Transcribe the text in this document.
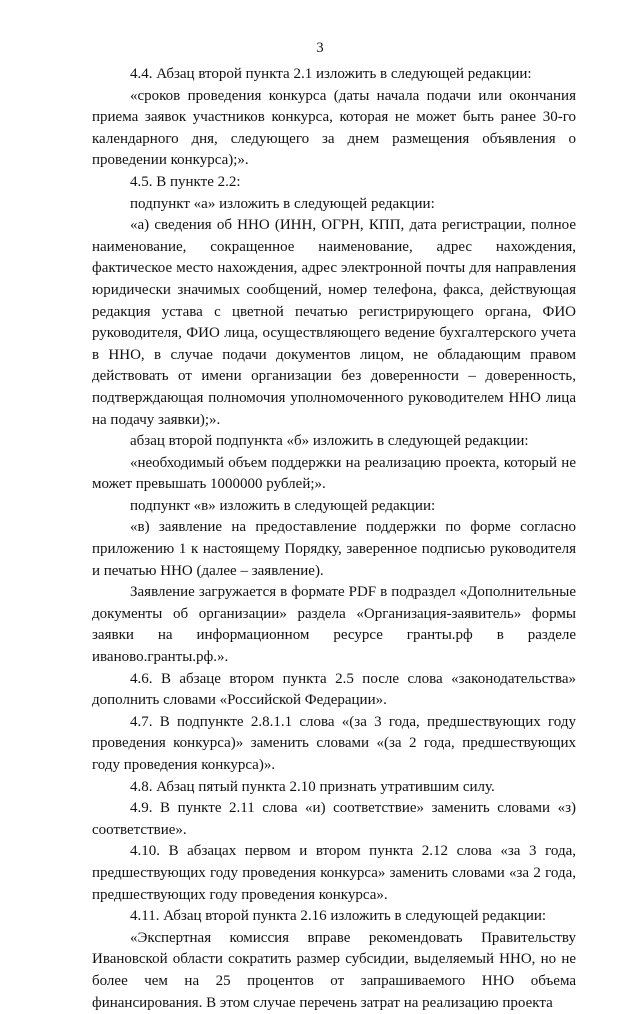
3

4.4. Абзац второй пункта 2.1 изложить в следующей редакции:

«сроков проведения конкурса (даты начала подачи или окончания приема заявок участников конкурса, которая не может быть ранее 30-го календарного дня, следующего за днем размещения объявления о проведении конкурса);».

4.5. В пункте 2.2:

подпункт «а» изложить в следующей редакции:

«а) сведения об ННО (ИНН, ОГРН, КПП, дата регистрации, полное наименование, сокращенное наименование, адрес нахождения, фактическое место нахождения, адрес электронной почты для направления юридически значимых сообщений, номер телефона, факса, действующая редакция устава с цветной печатью регистрирующего органа, ФИО руководителя, ФИО лица, осуществляющего ведение бухгалтерского учета в ННО, в случае подачи документов лицом, не обладающим правом действовать от имени организации без доверенности – доверенность, подтверждающая полномочия уполномоченного руководителем ННО лица на подачу заявки);».

абзац второй подпункта «б» изложить в следующей редакции:

«необходимый объем поддержки на реализацию проекта, который не может превышать 1000000 рублей;».

подпункт «в» изложить в следующей редакции:

«в) заявление на предоставление поддержки по форме согласно приложению 1 к настоящему Порядку, заверенное подписью руководителя и печатью ННО (далее – заявление).

Заявление загружается в формате PDF в подраздел «Дополнительные документы об организации» раздела «Организация-заявитель» формы заявки на информационном ресурсе гранты.рф в разделе иваново.гранты.рф.».

4.6. В абзаце втором пункта 2.5 после слова «законодательства» дополнить словами «Российской Федерации».

4.7. В подпункте 2.8.1.1 слова «(за 3 года, предшествующих году проведения конкурса)» заменить словами «(за 2 года, предшествующих году проведения конкурса)».

4.8. Абзац пятый пункта 2.10 признать утратившим силу.

4.9. В пункте 2.11 слова «и) соответствие» заменить словами «з) соответствие».

4.10. В абзацах первом и втором пункта 2.12 слова «за 3 года, предшествующих году проведения конкурса» заменить словами «за 2 года, предшествующих году проведения конкурса».

4.11. Абзац второй пункта 2.16 изложить в следующей редакции:

«Экспертная комиссия вправе рекомендовать Правительству Ивановской области сократить размер субсидии, выделяемый ННО, но не более чем на 25 процентов от запрашиваемого ННО объема финансирования. В этом случае перечень затрат на реализацию проекта
